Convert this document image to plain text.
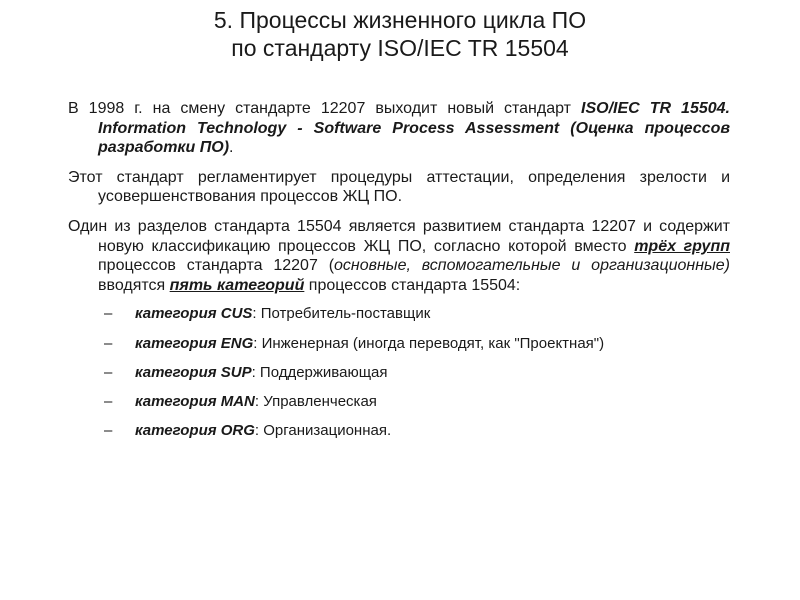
5. Процессы жизненного цикла ПО
по стандарту ISO/IEC TR 15504

В 1998 г. на смену стандарте 12207 выходит новый стандарт ISO/IEC TR 15504. Information Technology - Software Process Assessment (Оценка процессов разработки ПО).

Этот стандарт регламентирует процедуры аттестации, определения зрелости и усовершенствования процессов ЖЦ ПО.

Один из разделов стандарта 15504 является развитием стандарта 12207 и содержит новую классификацию процессов ЖЦ ПО, согласно которой вместо трёх групп процессов стандарта 12207 (основные, вспомогательные и организационные) вводятся пять категорий процессов стандарта 15504:

– категория CUS: Потребитель-поставщик
– категория ENG: Инженерная (иногда переводят, как "Проектная")
– категория SUP: Поддерживающая
– категория MAN: Управленческая
– категория ORG: Организационная.
